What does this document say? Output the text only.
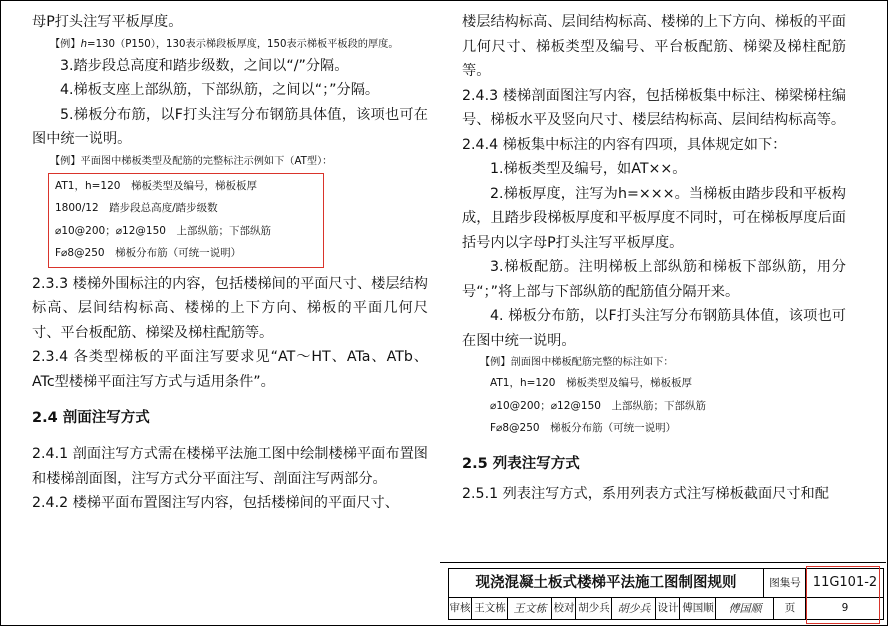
母P打头注写平板厚度。

【例】h=130（P150），130表示梯段板厚度，150表示梯板平板段的厚度。

3.踏步段总高度和踏步级数，之间以“/”分隔。

4.梯板支座上部纵筋，下部纵筋，之间以“；”分隔。

5.梯板分布筋，以F打头注写分布钢筋具体值，该项也可在图中统一说明。

【例】平面图中梯板类型及配筋的完整标注示例如下（AT型）：

AT1，h=120　梯板类型及编号，梯板板厚

1800/12　踏步段总高度/踏步级数

⌀10@200；⌀12@150　上部纵筋；下部纵筋

F⌀8@250　梯板分布筋（可统一说明）

2.3.3 楼梯外围标注的内容，包括楼梯间的平面尺寸、楼层结构标高、层间结构标高、楼梯的上下方向、梯板的平面几何尺寸、平台板配筋、梯梁及梯柱配筋等。

2.3.4 各类型梯板的平面注写要求见“AT～HT、ATa、ATb、ATc型楼梯平面注写方式与适用条件”。

2.4 剖面注写方式

2.4.1 剖面注写方式需在楼梯平法施工图中绘制楼梯平面布置图和楼梯剖面图，注写方式分平面注写、剖面注写两部分。

2.4.2 楼梯平面布置图注写内容，包括楼梯间的平面尺寸、

楼层结构标高、层间结构标高、楼梯的上下方向、梯板的平面几何尺寸、梯板类型及编号、平台板配筋、梯梁及梯柱配筋等。

2.4.3 楼梯剖面图注写内容，包括梯板集中标注、梯梁梯柱编号、梯板水平及竖向尺寸、楼层结构标高、层间结构标高等。

2.4.4 梯板集中标注的内容有四项，具体规定如下：

1.梯板类型及编号，如AT××。

2.梯板厚度，注写为h=×××。当梯板由踏步段和平板构成，且踏步段梯板厚度和平板厚度不同时，可在梯板厚度后面括号内以字母P打头注写平板厚度。

3.梯板配筋。注明梯板上部纵筋和梯板下部纵筋，用分号“；”将上部与下部纵筋的配筋值分隔开来。

4. 梯板分布筋，以F打头注写分布钢筋具体值，该项也可在图中统一说明。

【例】剖面图中梯板配筋完整的标注如下：

AT1，h=120　梯板类型及编号，梯板板厚

⌀10@200；⌀12@150　上部纵筋；下部纵筋

F⌀8@250　梯板分布筋（可统一说明）

2.5 列表注写方式

2.5.1 列表注写方式，系用列表方式注写梯板截面尺寸和配

现浇混凝土板式楼梯平法施工图制图规则	图集号 11G101-2
审核 王文栋 王文栋 校对 胡少兵 胡少兵 设计 傅国顺	傅国顺	页	9
